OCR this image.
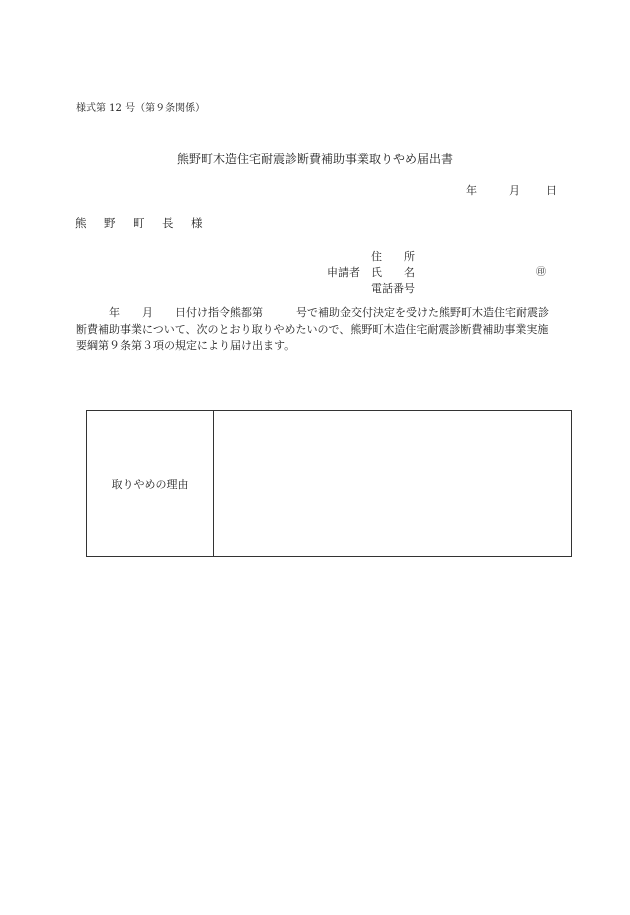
様式第 12 号（第９条関係）
熊野町木造住宅耐震診断費補助事業取りやめ届出書
年	月 日
熊　野　町　長　様
住　　所
申請者 氏　　名	㊞
電話番号
　　　年　　月　　日付け指令熊都第　　　号で補助金交付決定を受けた熊野町木造住宅耐震診断費補助事業について、次のとおり取りやめたいので、熊野町木造住宅耐震診断費補助事業実施要綱第９条第３項の規定により届け出ます。
取りやめの理由	
